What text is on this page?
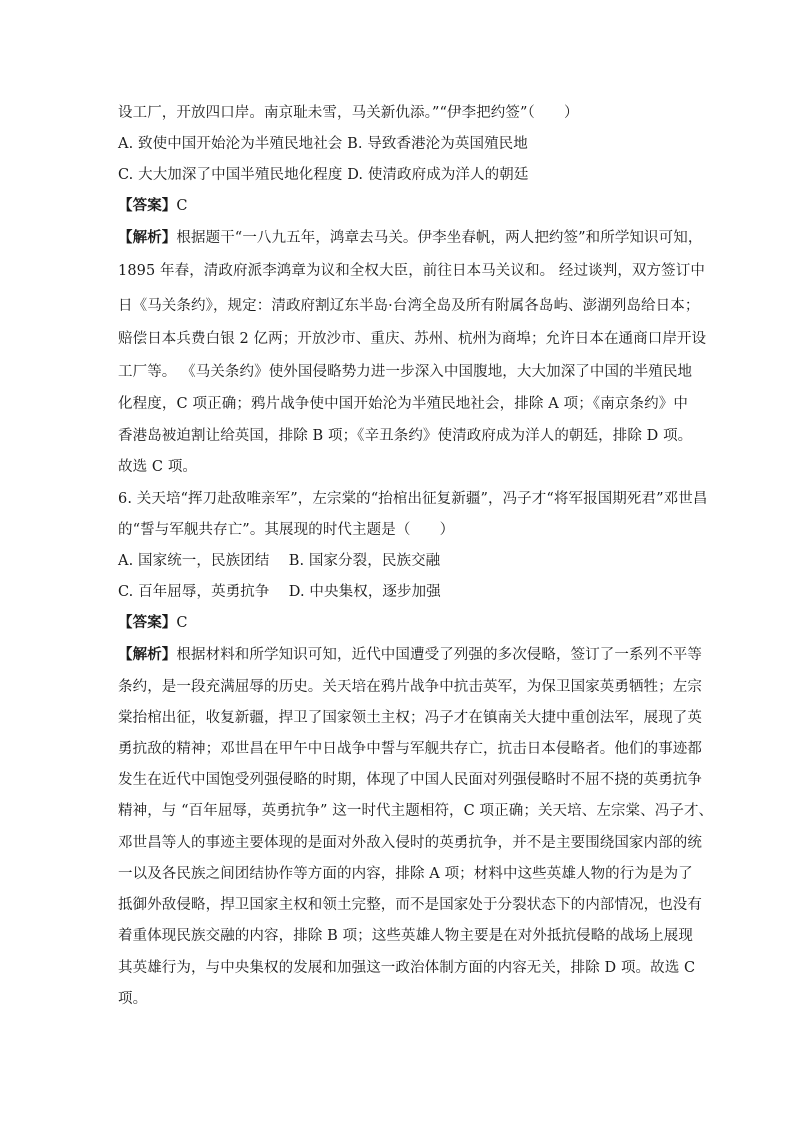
设工厂，开放四口岸。南京耻未雪，马关新仇添。”“伊李把约签”（　　）
A. 致使中国开始沦为半殖民地社会 B. 导致香港沦为英国殖民地
C. 大大加深了中国半殖民地化程度 D. 使清政府成为洋人的朝廷
【答案】C
【解析】根据题干“一八九五年，鸿章去马关。伊李坐春帆，两人把约签”和所学知识可知，
1895 年春，清政府派李鸿章为议和全权大臣，前往日本马关议和。 经过谈判，双方签订中
日《马关条约》，规定：清政府割辽东半岛·台湾全岛及所有附属各岛屿、澎湖列岛给日本；
赔偿日本兵费白银 2 亿两；开放沙市、重庆、苏州、杭州为商埠；允许日本在通商口岸开设
工厂等。 《马关条约》使外国侵略势力进一步深入中国腹地，大大加深了中国的半殖民地
化程度，C 项正确；鸦片战争使中国开始沦为半殖民地社会，排除 A 项；《南京条约》中
香港岛被迫割让给英国，排除 B 项；《辛丑条约》使清政府成为洋人的朝廷，排除 D 项。
故选 C 项。
6. 关天培“挥刀赴敌唯亲军”，左宗棠的“抬棺出征复新疆”，冯子才“将军报国期死君”邓世昌
的“誓与军舰共存亡”。其展现的时代主题是（　　）
A. 国家统一，民族团结　 B. 国家分裂，民族交融
C. 百年屈辱，英勇抗争　 D. 中央集权，逐步加强
【答案】C
【解析】根据材料和所学知识可知，近代中国遭受了列强的多次侵略，签订了一系列不平等
条约，是一段充满屈辱的历史。关天培在鸦片战争中抗击英军，为保卫国家英勇牺牲；左宗
棠抬棺出征，收复新疆，捍卫了国家领土主权；冯子才在镇南关大捷中重创法军，展现了英
勇抗敌的精神；邓世昌在甲午中日战争中誓与军舰共存亡，抗击日本侵略者。他们的事迹都
发生在近代中国饱受列强侵略的时期，体现了中国人民面对列强侵略时不屈不挠的英勇抗争
精神，与 “百年屈辱，英勇抗争” 这一时代主题相符，C 项正确；关天培、左宗棠、冯子才、
邓世昌等人的事迹主要体现的是面对外敌入侵时的英勇抗争，并不是主要围绕国家内部的统
一以及各民族之间团结协作等方面的内容，排除 A 项；材料中这些英雄人物的行为是为了
抵御外敌侵略，捍卫国家主权和领土完整，而不是国家处于分裂状态下的内部情况，也没有
着重体现民族交融的内容，排除 B 项；这些英雄人物主要是在对外抵抗侵略的战场上展现
其英雄行为，与中央集权的发展和加强这一政治体制方面的内容无关，排除 D 项。故选 C
项。
